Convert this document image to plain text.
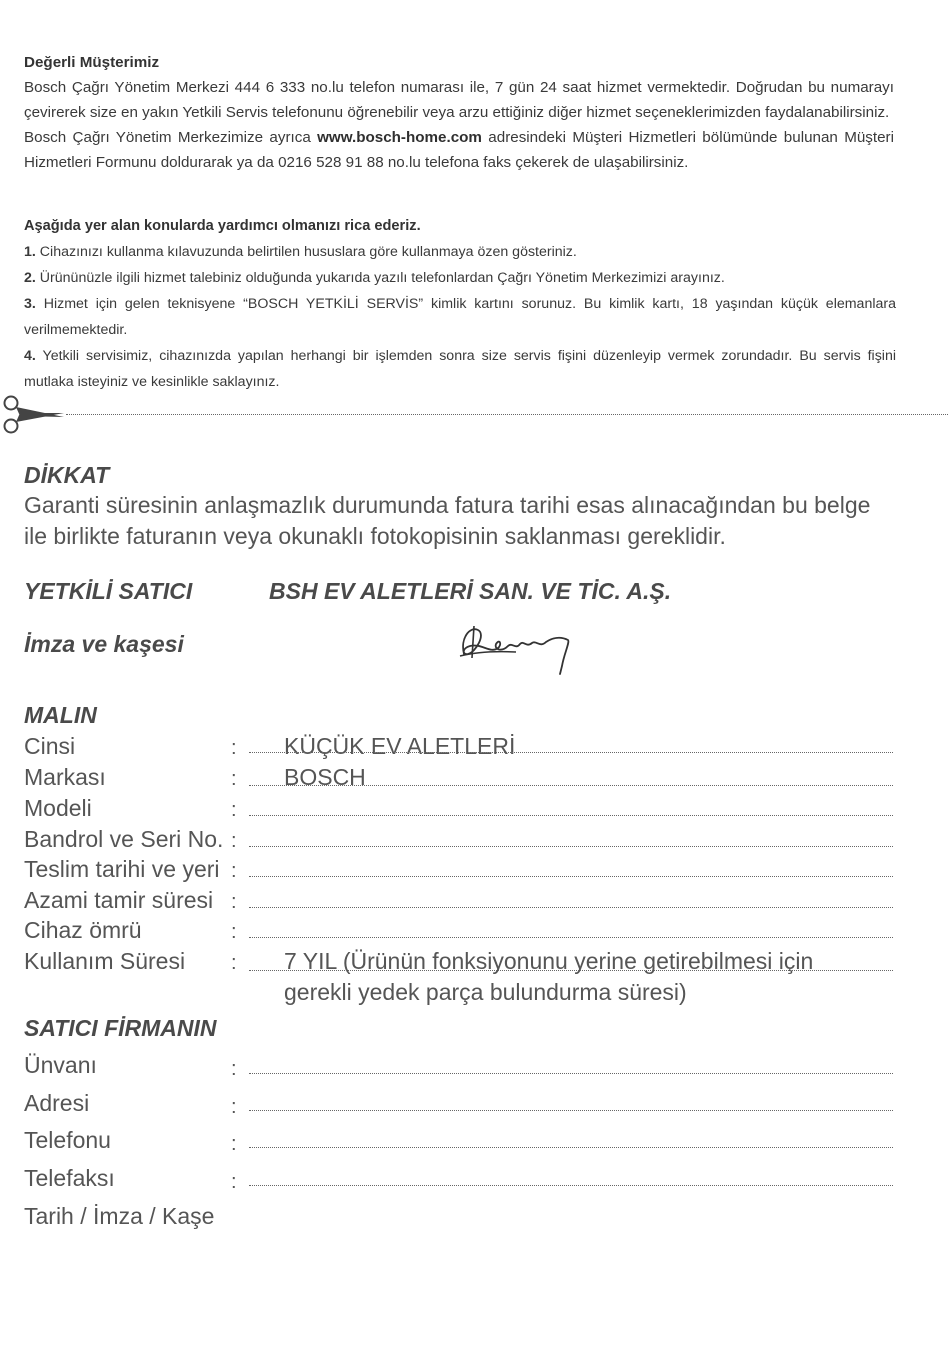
Değerli Müşterimiz
Bosch Çağrı Yönetim Merkezi 444 6 333 no.lu telefon numarası ile, 7 gün 24 saat hizmet vermektedir. Doğrudan bu numarayı çevirerek size en yakın Yetkili Servis telefonunu öğrenebilir veya arzu ettiğiniz diğer hizmet seçeneklerimizden faydalanabilirsiniz.
Bosch Çağrı Yönetim Merkezimize ayrıca www.bosch-home.com adresindeki Müşteri Hizmetleri bölümünde bulunan Müşteri Hizmetleri Formunu doldurarak ya da 0216 528 91 88 no.lu telefona faks çekerek de ulaşabilirsiniz.
Aşağıda yer alan konularda yardımcı olmanızı rica ederiz.
1. Cihazınızı kullanma kılavuzunda belirtilen hususlara göre kullanmaya özen gösteriniz.
2. Ürününüzle ilgili hizmet talebiniz olduğunda yukarıda yazılı telefonlardan Çağrı Yönetim Merkezimizi arayınız.
3. Hizmet için gelen teknisyene “BOSCH YETKİLİ SERVİS” kimlik kartını sorunuz. Bu kimlik kartı, 18 yaşından küçük elemanlara verilmemektedir.
4. Yetkili servisimiz, cihazınızda yapılan herhangi bir işlemden sonra size servis fişini düzenleyip vermek zorundadır. Bu servis fişini mutlaka isteyiniz ve kesinlikle saklayınız.
DİKKAT
Garanti süresinin anlaşmazlık durumunda fatura tarihi esas alınacağından bu belge
ile birlikte faturanın veya okunaklı fotokopisinin saklanması gereklidir.
YETKİLİ SATICI	BSH EV ALETLERİ SAN. VE TİC. A.Ş.
İmza ve kaşesi
MALIN
Cinsi	: KÜÇÜK EV ALETLERİ
Markası	: BOSCH
Modeli	:
Bandrol ve Seri No. :
Teslim tarihi ve yeri :
Azami tamir süresi :
Cihaz ömrü	:
Kullanım Süresi : 7 YIL (Ürünün fonksiyonunu yerine getirebilmesi için
gerekli yedek parça bulundurma süresi)
SATICI FİRMANIN
Ünvanı	:
Adresi	:
Telefonu	:
Telefaksı	:
Tarih / İmza / Kaşe
